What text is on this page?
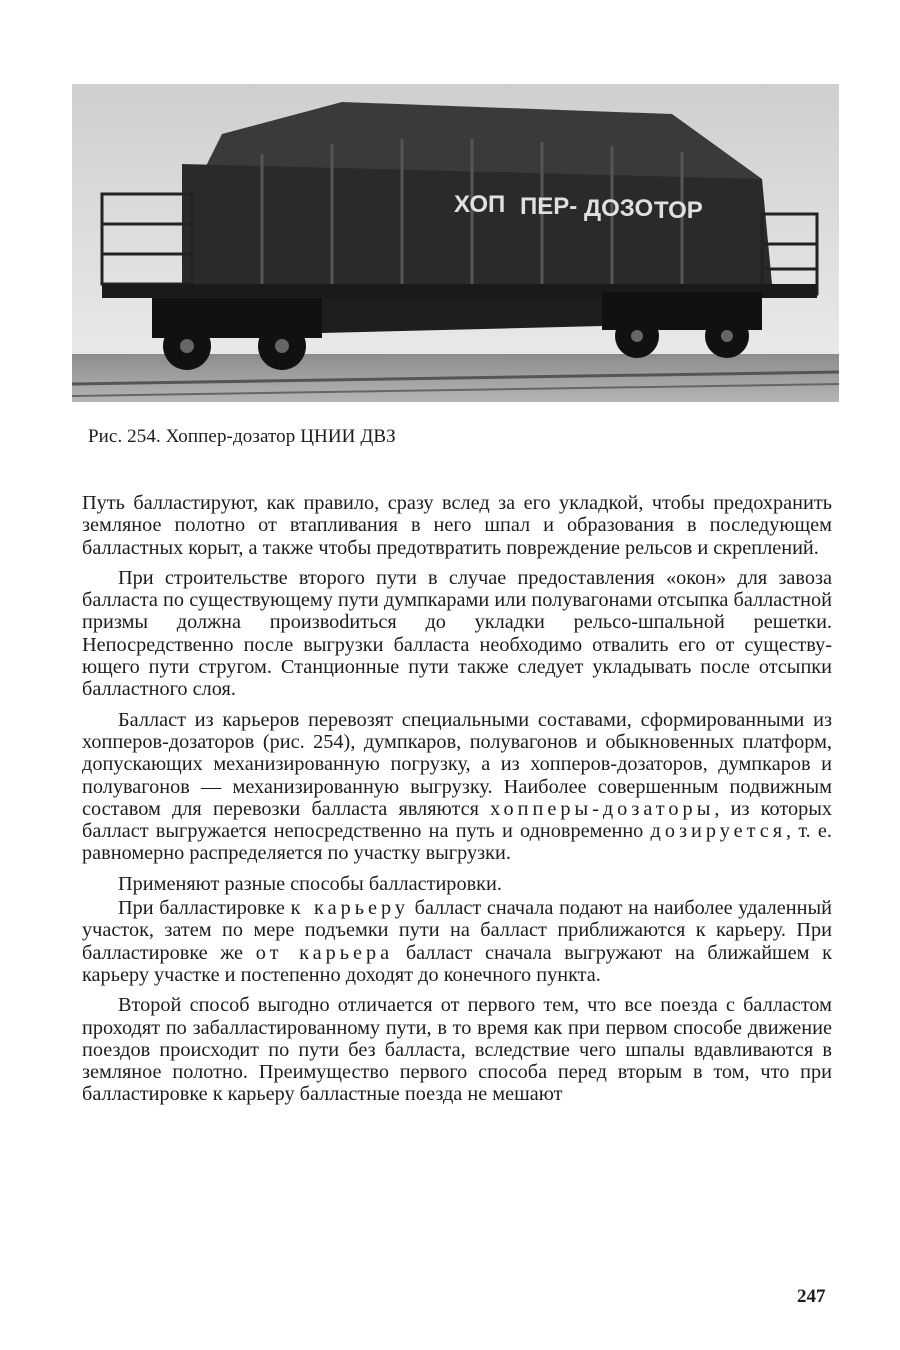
ХОП ПЕР- ДОЗО ТОР
Рис. 254. Хоппер-дозатор ЦНИИ ДВЗ

Путь балластируют, как правило, сразу вслед за его укладкой, чтобы предохранить земляное полотно от втапливания в него шпал и образования в последующем балластных корыт, а также чтобы предотвратить повреждение рельсов и скреплений.

При строительстве второго пути в случае предоставления «окон» для завоза балласта по существующему пути думпкарами или полувагонами отсыпка балластной призмы должна произвоdиться до укладки рельсо-шпальной решетки. Непосредственно после выгрузки балласта необходимо отвалить его от существующего пути стругом. Станционные пути также следует укладывать после отсыпки балластного слоя.

Балласт из карьеров перевозят специальными составами, сформированными из хопперов-дозаторов (рис. 254), думпкаров, полувагонов и обыкновенных платформ, допускающих механизированную погрузку, а из хопперов-дозаторов, думпкаров и полувагонов — механизированную выгрузку. Наиболее совершенным подвижным составом для перевозки балласта являются хопперы-дозаторы, из которых балласт выгружается непосредственно на путь и одновременно дозируется, т. е. равномерно распределяется по участку выгрузки.

Применяют разные способы балластировки.

При балластировке к карьеру балласт сначала подают на наиболее удаленный участок, затем по мере подъемки пути на балласт приближаются к карьеру. При балластировке же от карьера балласт сначала выгружают на ближайшем к карьеру участке и постепенно доходят до конечного пункта.

Второй способ выгодно отличается от первого тем, что все поезда с балластом проходят по забалластированному пути, в то время как при первом способе движение поездов происходит по пути без балласта, вследствие чего шпалы вдавливаются в земляное полотно. Преимущество первого способа перед вторым в том, что при балластировке к карьеру балластные поезда не мешают

247
